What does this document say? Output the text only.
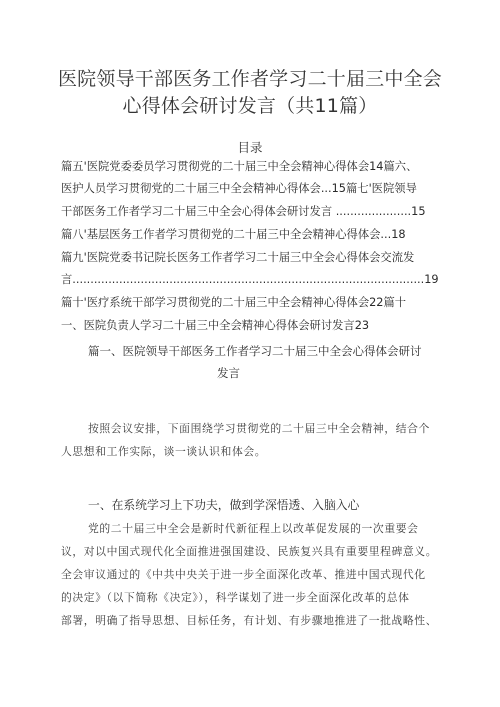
医院领导干部医务工作者学习二十届三中全会
心得体会研讨发言（共11篇）
目录
篇五'医院党委委员学习贯彻党的二十届三中全会精神心得体会14篇六、
医护人员学习贯彻党的二十届三中全会精神心得体会...15篇七'医院领导
干部医务工作者学习二十届三中全会心得体会研讨发言 .....................15
篇八'基层医务工作者学习贯彻党的二十届三中全会精神心得体会...18
篇九'医院党委书记院长医务工作者学习二十届三中全会心得体会交流发
言..................................................................................................19
篇十'医疗系统干部学习贯彻党的二十届三中全会精神心得体会22篇十
一、医院负责人学习二十届三中全会精神心得体会研讨发言23
篇一、医院领导干部医务工作者学习二十届三中全会心得体会研讨
发言
按照会议安排，下面围绕学习贯彻党的二十届三中全会精神，结合个
人思想和工作实际，谈一谈认识和体会。
一、在系统学习上下功夫，做到学深悟透、入脑入心
党的二十届三中全会是新时代新征程上以改革促发展的一次重要会
议，对以中国式现代化全面推进强国建设、民族复兴具有重要里程碑意义。
全会审议通过的《中共中央关于进一步全面深化改革、推进中国式现代化
的决定》（以下简称《决定》），科学谋划了进一步全面深化改革的总体
部署，明确了指导思想、目标任务，有计划、有步骤地推进了一批战略性、
